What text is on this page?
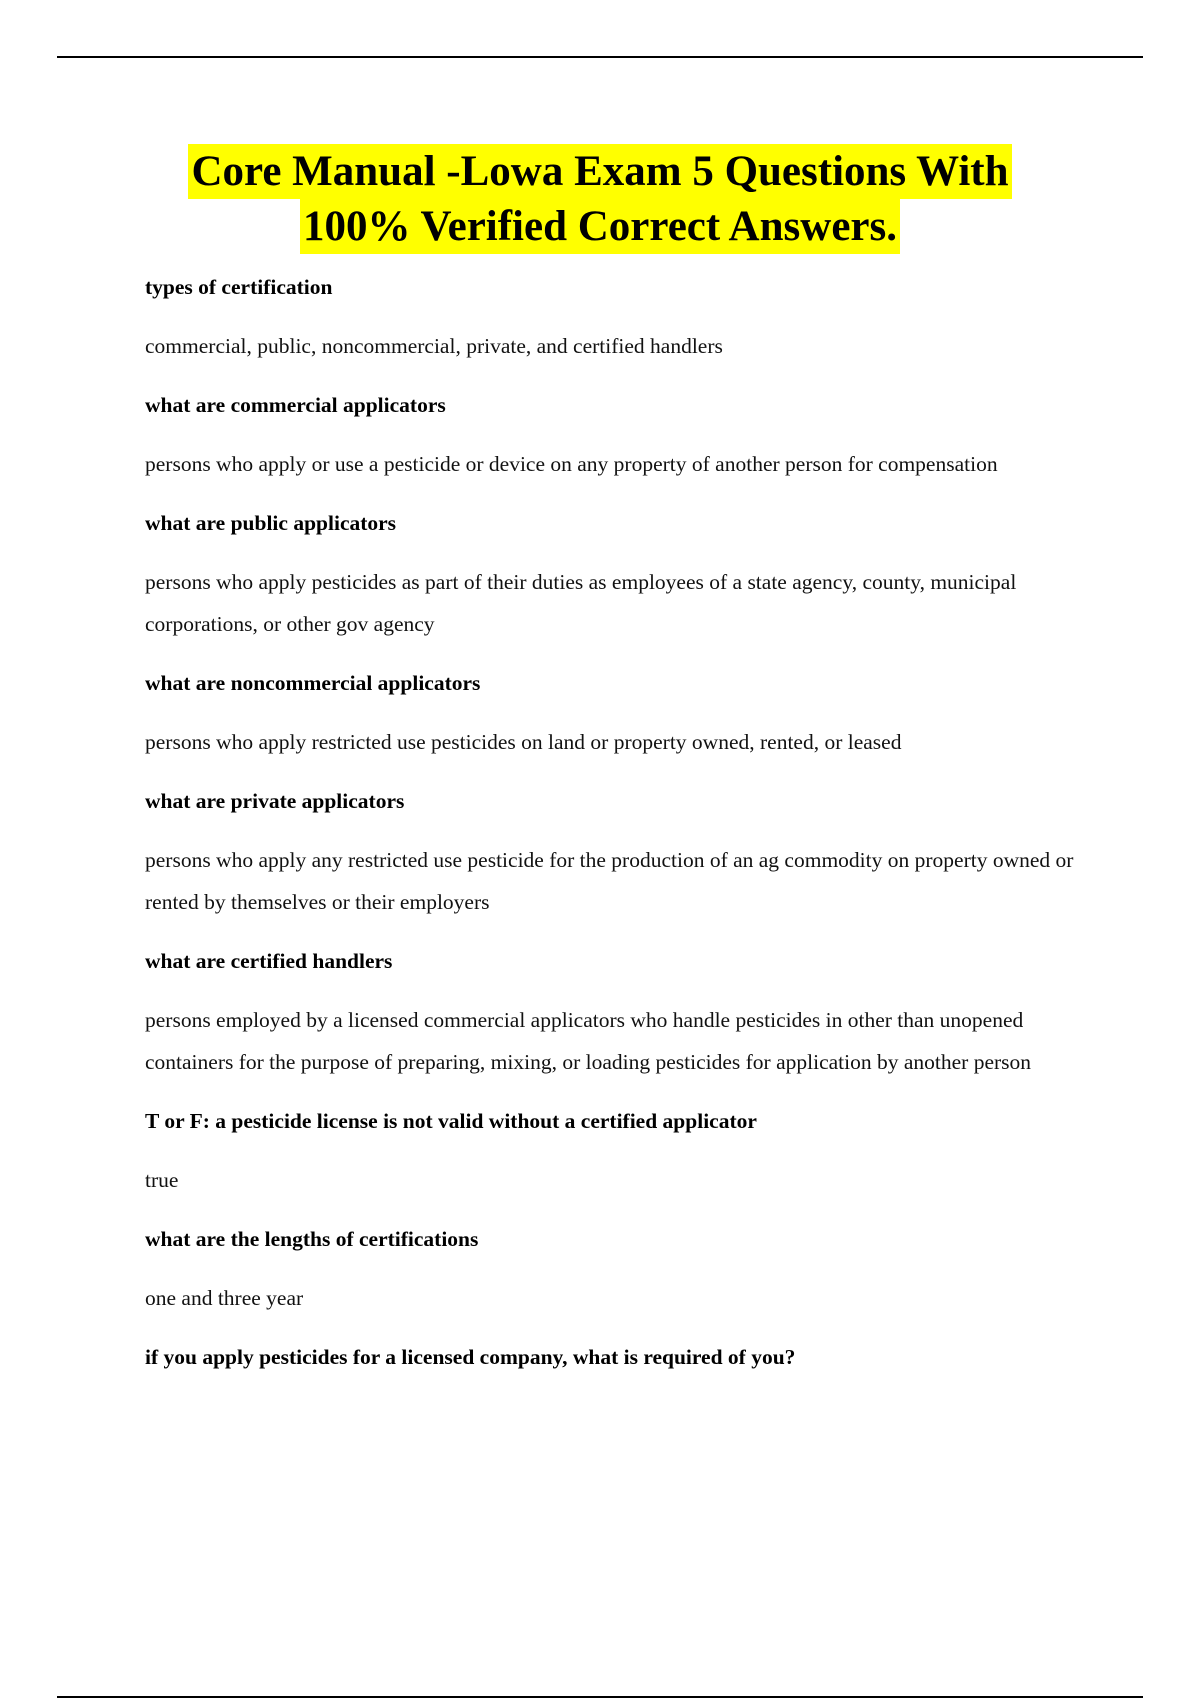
Core Manual -Lowa Exam 5 Questions With
100% Verified Correct Answers.
types of certification
commercial, public, noncommercial, private, and certified handlers
what are commercial applicators
persons who apply or use a pesticide or device on any property of another person for compensation
what are public applicators
persons who apply pesticides as part of their duties as employees of a state agency, county, municipal corporations, or other gov agency
what are noncommercial applicators
persons who apply restricted use pesticides on land or property owned, rented, or leased
what are private applicators
persons who apply any restricted use pesticide for the production of an ag commodity on property owned or rented by themselves or their employers
what are certified handlers
persons employed by a licensed commercial applicators who handle pesticides in other than unopened containers for the purpose of preparing, mixing, or loading pesticides for application by another person
T or F: a pesticide license is not valid without a certified applicator
true
what are the lengths of certifications
one and three year
if you apply pesticides for a licensed company, what is required of you?
